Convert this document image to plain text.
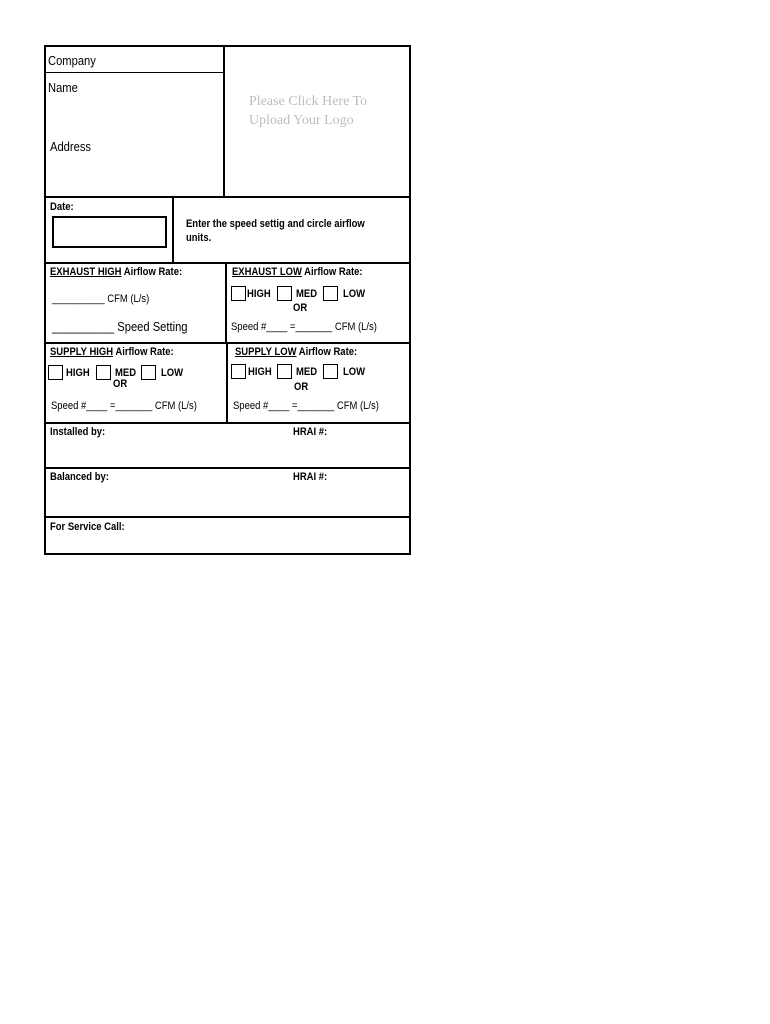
Company
Name
Address
Please Click Here To Upload Your Logo
Date:
Enter the speed settig and circle airflow units.
EXHAUST HIGH Airflow Rate:
__________ CFM (L/s)
__________ Speed Setting
EXHAUST LOW Airflow Rate:
HIGH MED LOW
OR
Speed #____ =_______ CFM (L/s)
SUPPLY HIGH Airflow Rate:
HIGH MED LOW
OR
Speed #____ =_______ CFM (L/s)
SUPPLY LOW Airflow Rate:
HIGH MED LOW
OR
Speed #____ =_______ CFM (L/s)
Installed by:	HRAI #:
Balanced by:	HRAI #:
For Service Call:
